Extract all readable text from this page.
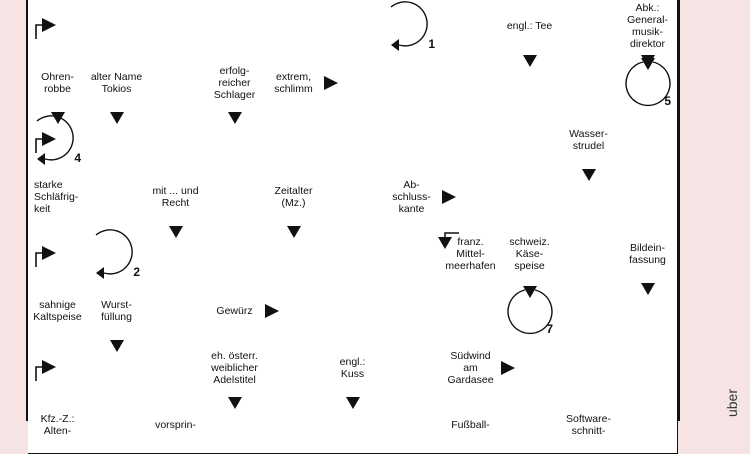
1
engl.: Tee
Abk.:
General-
musik-
direktor
Ohren-
robbe
alter Name
Tokios
erfolg-
reicher
Schlager
extrem,
schlimm
5
4
Wasser-
strudel
starke
Schläfrig-
keit
mit ... und
Recht
Zeitalter
(Mz.)
Ab-
schluss-
kante
2
franz.
Mittel-
meerhafen
schweiz.
Käse-
speise
Bildein-
fassung
sahnige
Kaltspeise
Wurst-
füllung	Gewürz
7
eh. österr.
weiblicher
Adelstitel
engl.:
Kuss
Südwind
am
Gardasee
Kfz.-Z.:
Alten-	vorsprin-	Fußball-	Software-
schnitt-
uber
